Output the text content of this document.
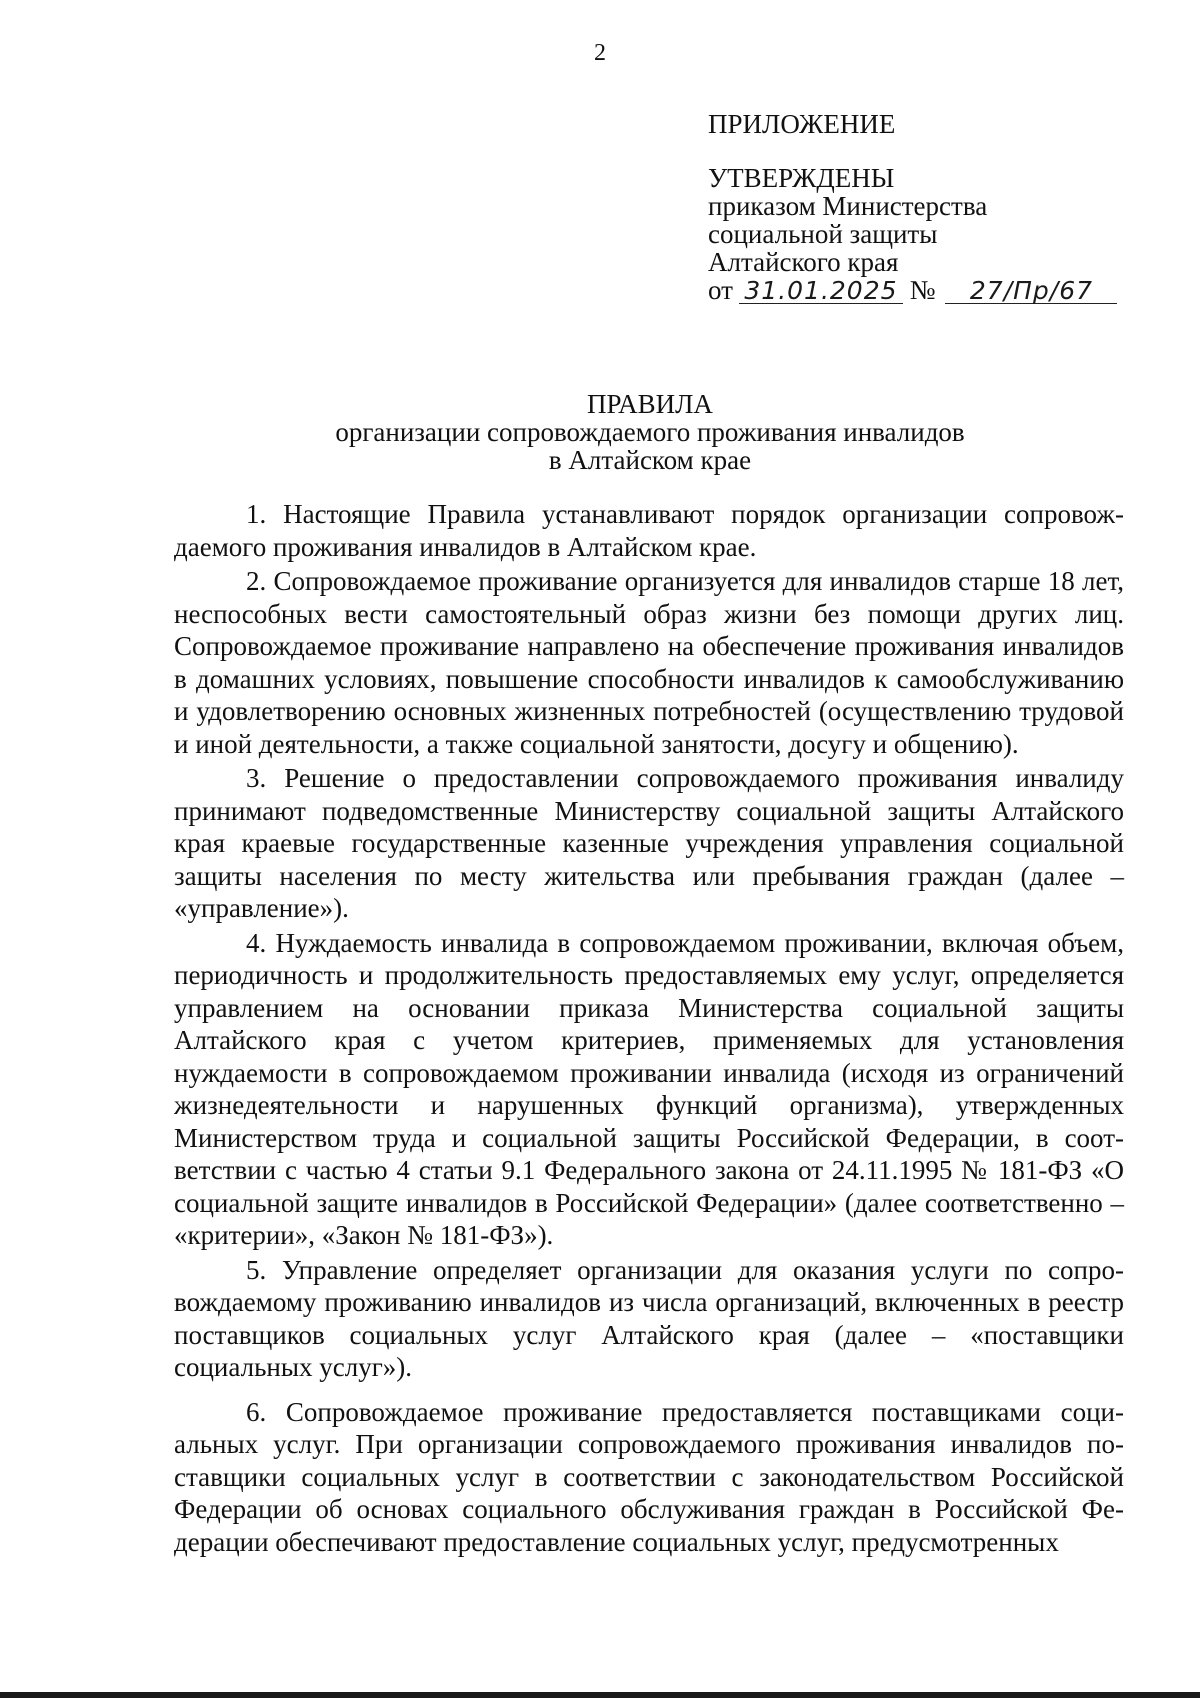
2
ПРИЛОЖЕНИЕ
УТВЕРЖДЕНЫ
приказом Министерства
социальной защиты
Алтайского края
от 31.01.2025 № 27/Пр/67
ПРАВИЛА
организации сопровождаемого проживания инвалидов
в Алтайском крае

1. Настоящие Правила устанавливают порядок организации сопровождаемого проживания инвалидов в Алтайском крае.

2. Сопровождаемое проживание организуется для инвалидов старше 18 лет, неспособных вести самостоятельный образ жизни без помощи других лиц. Сопровождаемое проживание направлено на обеспечение проживания инвалидов в домашних условиях, повышение способности инвалидов к самообслуживанию и удовлетворению основных жизненных потребностей (осуществлению трудовой и иной деятельности, а также социальной занятости, досугу и общению).

3. Решение о предоставлении сопровождаемого проживания инвалиду принимают подведомственные Министерству социальной защиты Алтайского края краевые государственные казенные учреждения управления социальной защиты населения по месту жительства или пребывания граждан (далее – «управление»).

4. Нуждаемость инвалида в сопровождаемом проживании, включая объем, периодичность и продолжительность предоставляемых ему услуг, определяется управлением на основании приказа Министерства социальной защиты Алтайского края с учетом критериев, применяемых для установления нуждаемости в сопровождаемом проживании инвалида (исходя из ограничений жизнедеятельности и нарушенных функций организма), утвержденных Министерством труда и социальной защиты Российской Федерации, в соответствии с частью 4 статьи 9.1 Федерального закона от 24.11.1995 № 181-ФЗ «О социальной защите инвалидов в Российской Федерации» (далее соответственно – «критерии», «Закон № 181-ФЗ»).

5. Управление определяет организации для оказания услуги по сопровождаемому проживанию инвалидов из числа организаций, включенных в реестр поставщиков социальных услуг Алтайского края (далее – «поставщики социальных услуг»).

6. Сопровождаемое проживание предоставляется поставщиками социальных услуг. При организации сопровождаемого проживания инвалидов поставщики социальных услуг в соответствии с законодательством Российской Федерации об основах социального обслуживания граждан в Российской Федерации обеспечивают предоставление социальных услуг, предусмотренных
